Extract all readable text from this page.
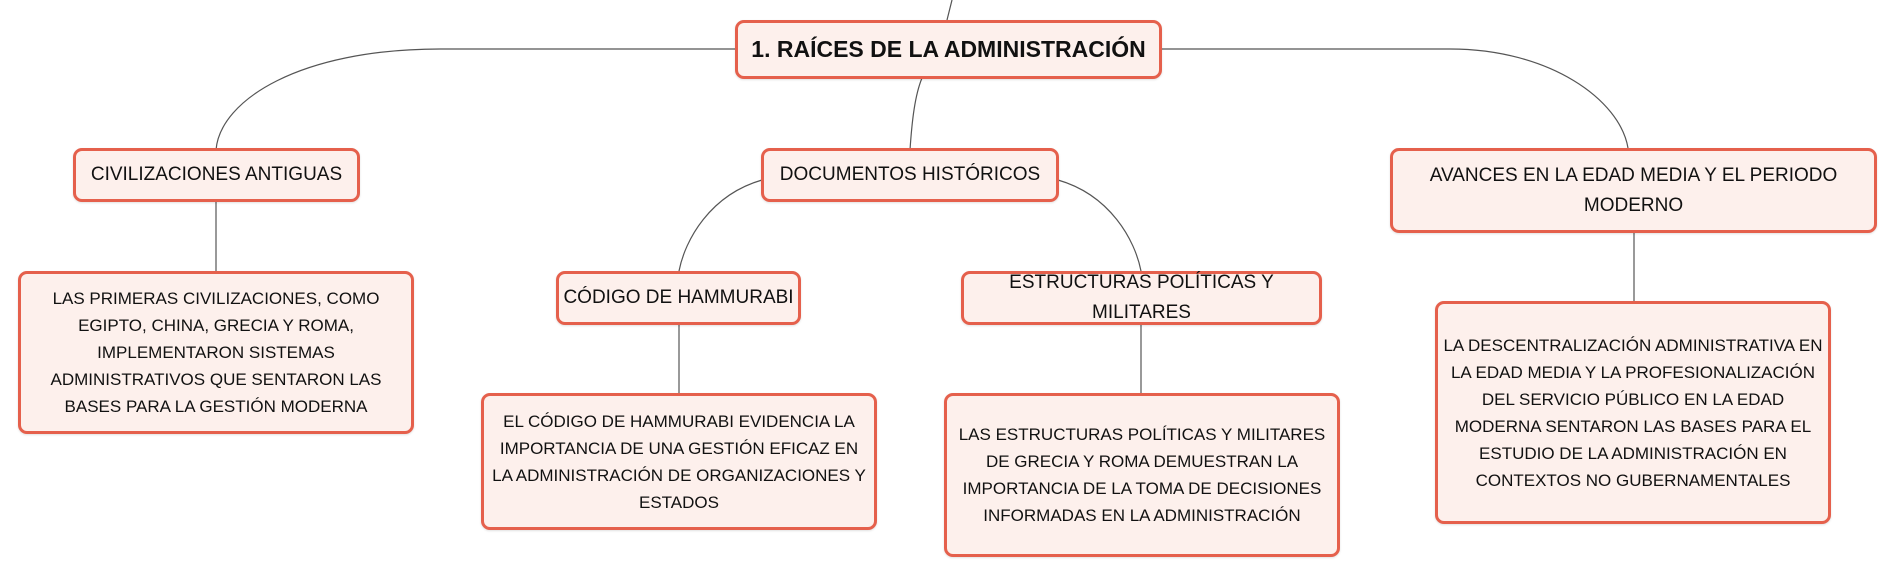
1. RAÍCES DE LA ADMINISTRACIÓN
CIVILIZACIONES ANTIGUAS	DOCUMENTOS HISTÓRICOS	AVANCES EN LA EDAD MEDIA Y EL PERIODO MODERNO
CÓDIGO DE HAMMURABI
ESTRUCTURAS POLÍTICAS Y MILITARES
LAS PRIMERAS CIVILIZACIONES, COMO EGIPTO, CHINA, GRECIA Y ROMA, IMPLEMENTARON SISTEMAS ADMINISTRATIVOS QUE SENTARON LAS BASES PARA LA GESTIÓN MODERNA
EL CÓDIGO DE HAMMURABI EVIDENCIA LA IMPORTANCIA DE UNA GESTIÓN EFICAZ EN LA ADMINISTRACIÓN DE ORGANIZACIONES Y ESTADOS
LAS ESTRUCTURAS POLÍTICAS Y MILITARES DE GRECIA Y ROMA DEMUESTRAN LA IMPORTANCIA DE LA TOMA DE DECISIONES INFORMADAS EN LA ADMINISTRACIÓN
LA DESCENTRALIZACIÓN ADMINISTRATIVA EN LA EDAD MEDIA Y LA PROFESIONALIZACIÓN DEL SERVICIO PÚBLICO EN LA EDAD MODERNA SENTARON LAS BASES PARA EL ESTUDIO DE LA ADMINISTRACIÓN EN CONTEXTOS NO GUBERNAMENTALES
